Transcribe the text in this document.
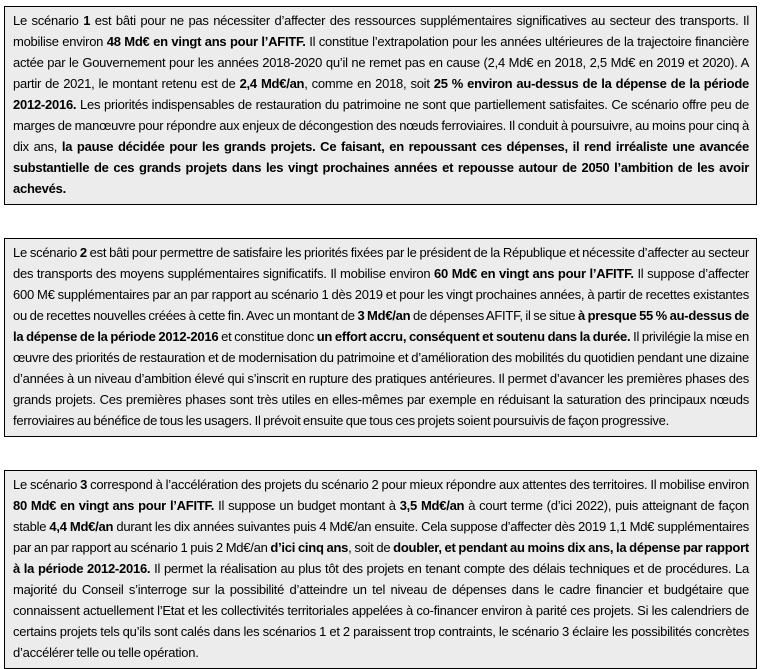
Le scénario 1 est bâti pour ne pas nécessiter d’affecter des ressources supplémentaires significatives au secteur des transports. Il mobilise environ 48 Md€ en vingt ans pour l’AFITF. Il constitue l’extrapolation pour les années ultérieures de la trajectoire financière actée par le Gouvernement pour les années 2018-2020 qu’il ne remet pas en cause (2,4 Md€ en 2018, 2,5 Md€ en 2019 et 2020). A partir de 2021, le montant retenu est de 2,4 Md€/an, comme en 2018, soit 25 % environ au-dessus de la dépense de la période 2012-2016. Les priorités indispensables de restauration du patrimoine ne sont que partiellement satisfaites. Ce scénario offre peu de marges de manœuvre pour répondre aux enjeux de décongestion des nœuds ferroviaires. Il conduit à poursuivre, au moins pour cinq à dix ans, la pause décidée pour les grands projets. Ce faisant, en repoussant ces dépenses, il rend irréaliste une avancée substantielle de ces grands projets dans les vingt prochaines années et repousse autour de 2050 l’ambition de les avoir achevés.

Le scénario 2 est bâti pour permettre de satisfaire les priorités fixées par le président de la République et nécessite d’affecter au secteur des transports des moyens supplémentaires significatifs. Il mobilise environ 60 Md€ en vingt ans pour l’AFITF. Il suppose d’affecter 600 M€ supplémentaires par an par rapport au scénario 1 dès 2019 et pour les vingt prochaines années, à partir de recettes existantes ou de recettes nouvelles créées à cette fin. Avec un montant de 3 Md€/an de dépenses AFITF, il se situe à presque 55 % au-dessus de la dépense de la période 2012-2016 et constitue donc un effort accru, conséquent et soutenu dans la durée. Il privilégie la mise en œuvre des priorités de restauration et de modernisation du patrimoine et d’amélioration des mobilités du quotidien pendant une dizaine d’années à un niveau d’ambition élevé qui s’inscrit en rupture des pratiques antérieures. Il permet d’avancer les premières phases des grands projets. Ces premières phases sont très utiles en elles-mêmes par exemple en réduisant la saturation des principaux nœuds ferroviaires au bénéfice de tous les usagers. Il prévoit ensuite que tous ces projets soient poursuivis de façon progressive.

Le scénario 3 correspond à l’accélération des projets du scénario 2 pour mieux répondre aux attentes des territoires. Il mobilise environ 80 Md€ en vingt ans pour l’AFITF. Il suppose un budget montant à 3,5 Md€/an à court terme (d’ici 2022), puis atteignant de façon stable 4,4 Md€/an durant les dix années suivantes puis 4 Md€/an ensuite. Cela suppose d’affecter dès 2019 1,1 Md€ supplémentaires par an par rapport au scénario 1 puis 2 Md€/an d’ici cinq ans, soit de doubler, et pendant au moins dix ans, la dépense par rapport à la période 2012-2016. Il permet la réalisation au plus tôt des projets en tenant compte des délais techniques et de procédures. La majorité du Conseil s’interroge sur la possibilité d’atteindre un tel niveau de dépenses dans le cadre financier et budgétaire que connaissent actuellement l’Etat et les collectivités territoriales appelées à co-financer environ à parité ces projets. Si les calendriers de certains projets tels qu’ils sont calés dans les scénarios 1 et 2 paraissent trop contraints, le scénario 3 éclaire les possibilités concrètes d’accélérer telle ou telle opération.
